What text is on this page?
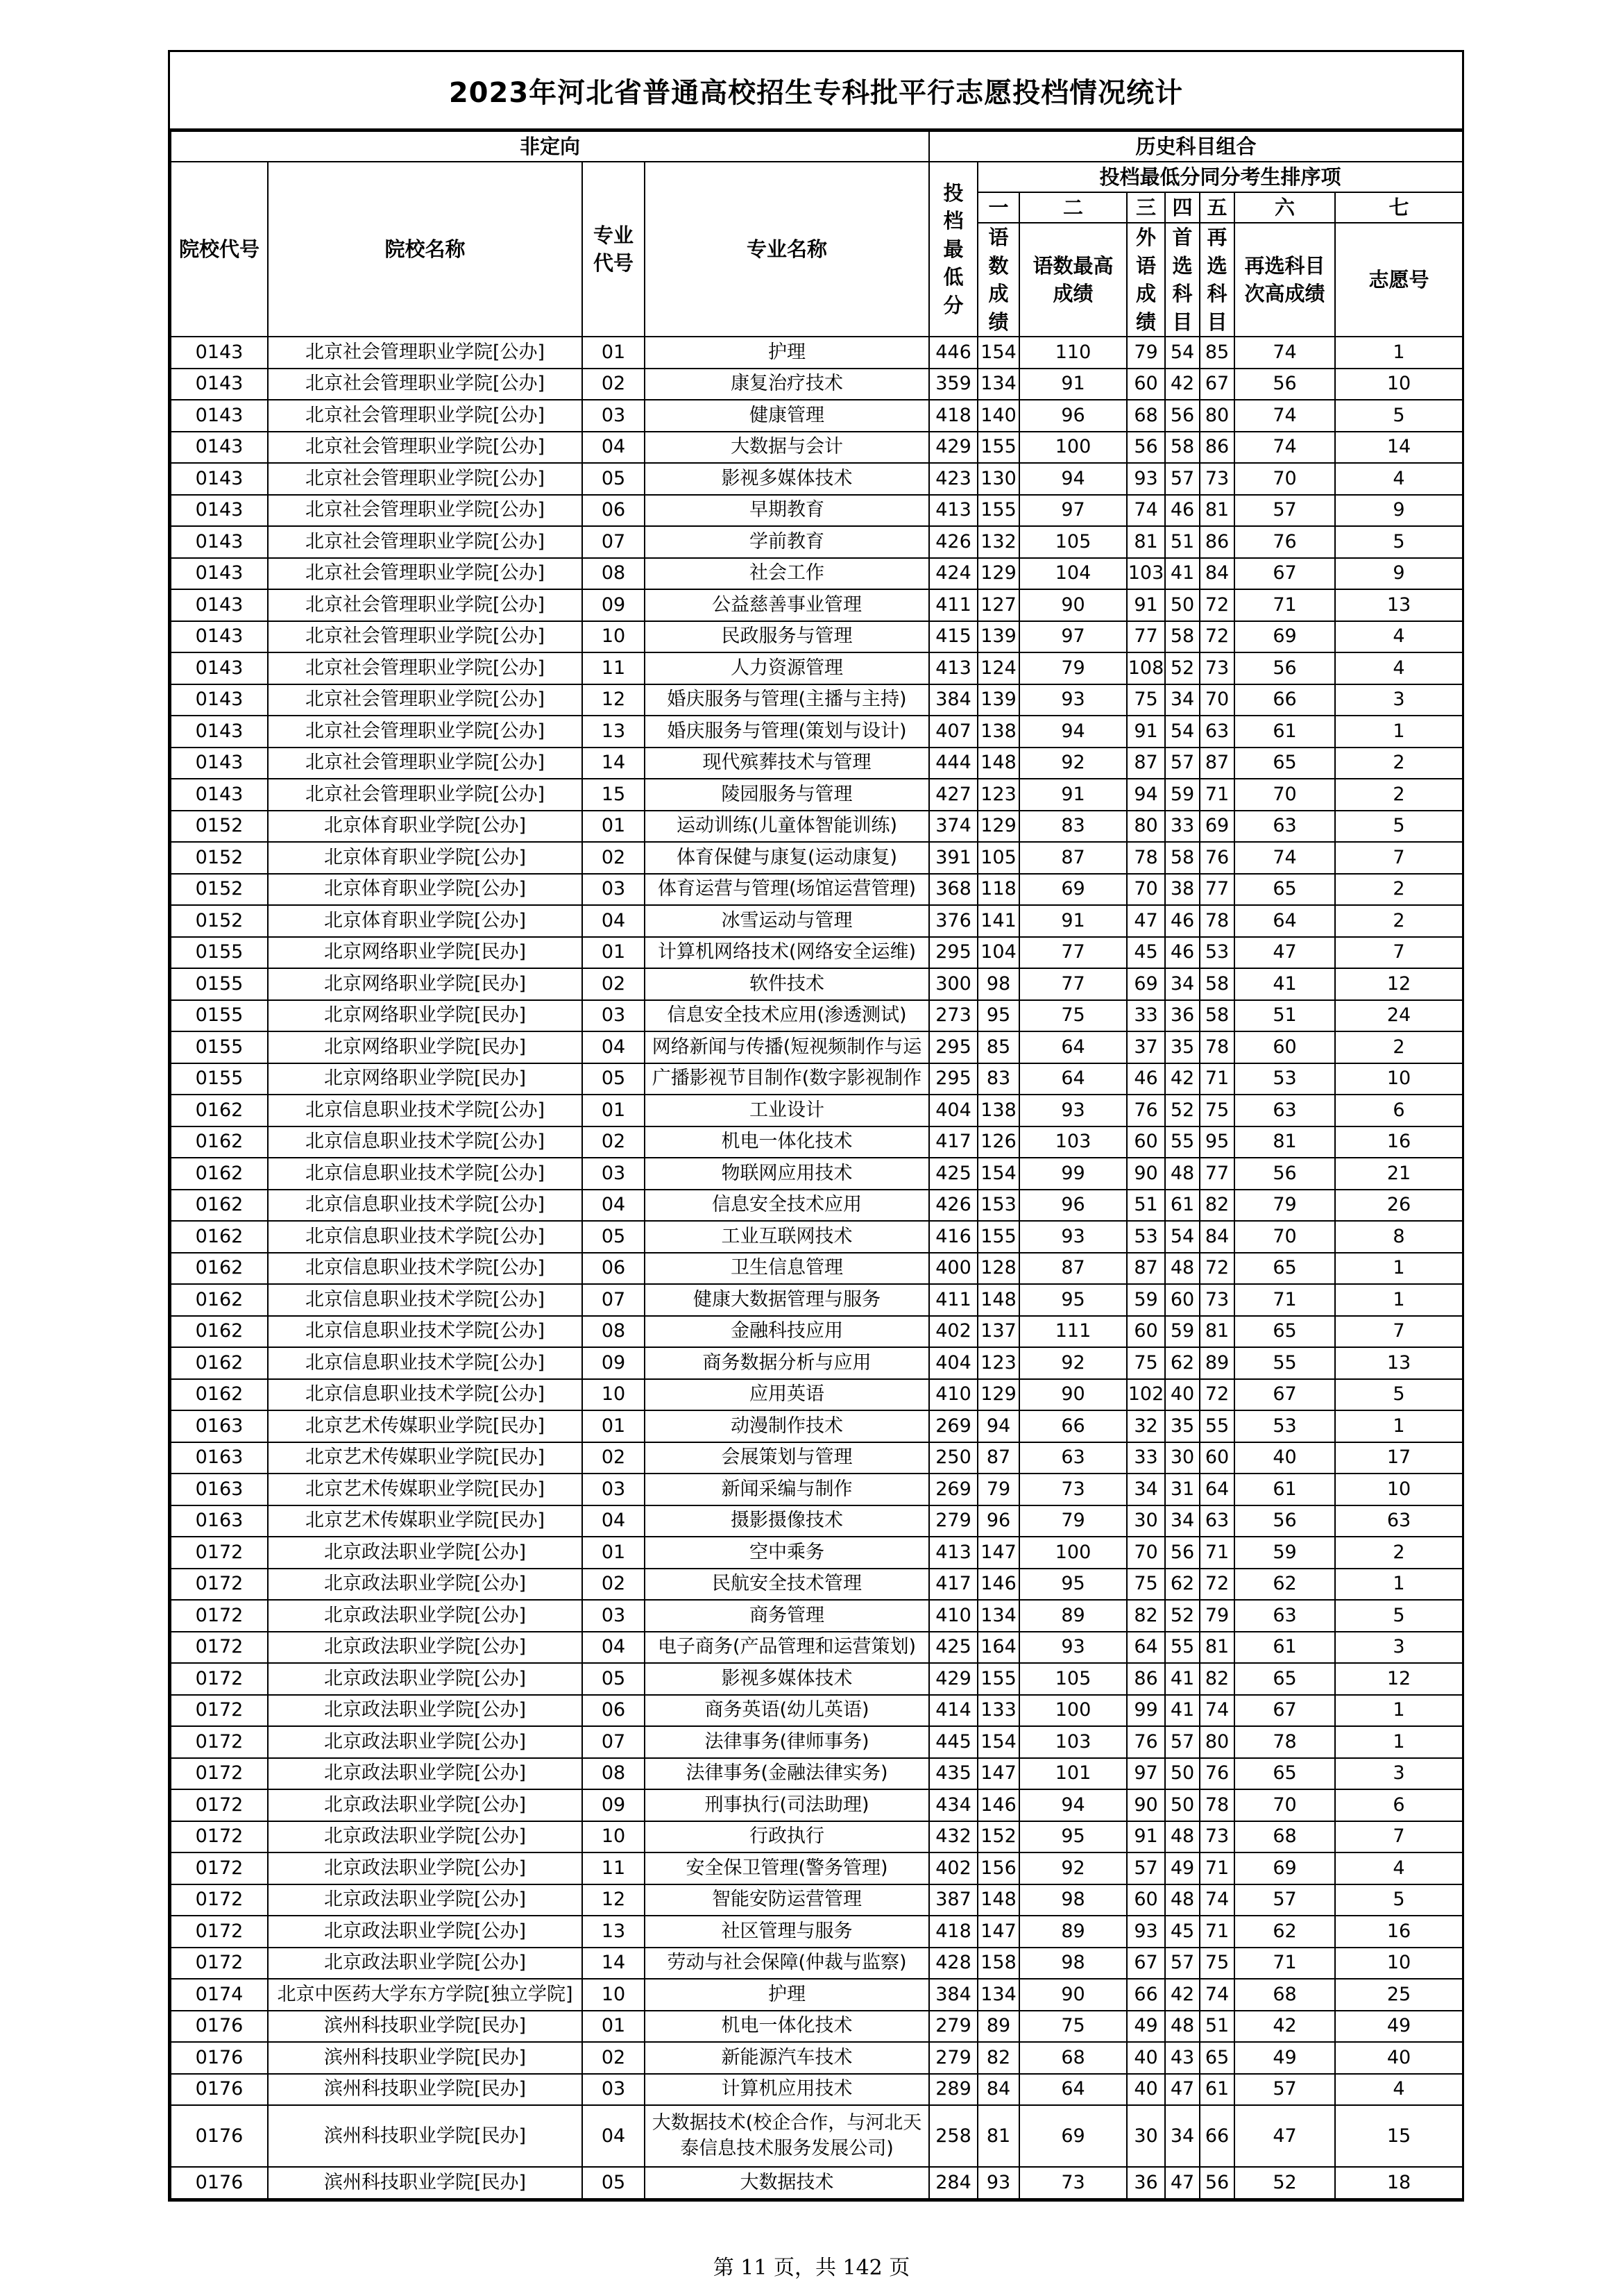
2023年河北省普通高校招生专科批平行志愿投档情况统计
非定向				历史科目组合							
院校代号	院校名称	专业代号	专业名称	投档最低分	投档最低分同分考生排序项						
					一	二	三	四	五	六	七
					语数成绩	语数最高成绩	外语成绩	首选科目	再选科目	再选科目次高成绩	志愿号
0143	北京社会管理职业学院[公办]	01	护理	446	154	110	79	54	85	74	1
0143	北京社会管理职业学院[公办]	02	康复治疗技术	359	134	91	60	42	67	56	10
0143	北京社会管理职业学院[公办]	03	健康管理	418	140	96	68	56	80	74	5
0143	北京社会管理职业学院[公办]	04	大数据与会计	429	155	100	56	58	86	74	14
0143	北京社会管理职业学院[公办]	05	影视多媒体技术	423	130	94	93	57	73	70	4
0143	北京社会管理职业学院[公办]	06	早期教育	413	155	97	74	46	81	57	9
0143	北京社会管理职业学院[公办]	07	学前教育	426	132	105	81	51	86	76	5
0143	北京社会管理职业学院[公办]	08	社会工作	424	129	104	103	41	84	67	9
0143	北京社会管理职业学院[公办]	09	公益慈善事业管理	411	127	90	91	50	72	71	13
0143	北京社会管理职业学院[公办]	10	民政服务与管理	415	139	97	77	58	72	69	4
0143	北京社会管理职业学院[公办]	11	人力资源管理	413	124	79	108	52	73	56	4
0143	北京社会管理职业学院[公办]	12	婚庆服务与管理(主播与主持)	384	139	93	75	34	70	66	3
0143	北京社会管理职业学院[公办]	13	婚庆服务与管理(策划与设计)	407	138	94	91	54	63	61	1
0143	北京社会管理职业学院[公办]	14	现代殡葬技术与管理	444	148	92	87	57	87	65	2
0143	北京社会管理职业学院[公办]	15	陵园服务与管理	427	123	91	94	59	71	70	2
0152	北京体育职业学院[公办]	01	运动训练(儿童体智能训练)	374	129	83	80	33	69	63	5
0152	北京体育职业学院[公办]	02	体育保健与康复(运动康复)	391	105	87	78	58	76	74	7
0152	北京体育职业学院[公办]	03	体育运营与管理(场馆运营管理)	368	118	69	70	38	77	65	2
0152	北京体育职业学院[公办]	04	冰雪运动与管理	376	141	91	47	46	78	64	2
0155	北京网络职业学院[民办]	01	计算机网络技术(网络安全运维)	295	104	77	45	46	53	47	7
0155	北京网络职业学院[民办]	02	软件技术	300	98	77	69	34	58	41	12
0155	北京网络职业学院[民办]	03	信息安全技术应用(渗透测试)	273	95	75	33	36	58	51	24
0155	北京网络职业学院[民办]	04	网络新闻与传播(短视频制作与运	295	85	64	37	35	78	60	2
0155	北京网络职业学院[民办]	05	广播影视节目制作(数字影视制作	295	83	64	46	42	71	53	10
0162	北京信息职业技术学院[公办]	01	工业设计	404	138	93	76	52	75	63	6
0162	北京信息职业技术学院[公办]	02	机电一体化技术	417	126	103	60	55	95	81	16
0162	北京信息职业技术学院[公办]	03	物联网应用技术	425	154	99	90	48	77	56	21
0162	北京信息职业技术学院[公办]	04	信息安全技术应用	426	153	96	51	61	82	79	26
0162	北京信息职业技术学院[公办]	05	工业互联网技术	416	155	93	53	54	84	70	8
0162	北京信息职业技术学院[公办]	06	卫生信息管理	400	128	87	87	48	72	65	1
0162	北京信息职业技术学院[公办]	07	健康大数据管理与服务	411	148	95	59	60	73	71	1
0162	北京信息职业技术学院[公办]	08	金融科技应用	402	137	111	60	59	81	65	7
0162	北京信息职业技术学院[公办]	09	商务数据分析与应用	404	123	92	75	62	89	55	13
0162	北京信息职业技术学院[公办]	10	应用英语	410	129	90	102	40	72	67	5
0163	北京艺术传媒职业学院[民办]	01	动漫制作技术	269	94	66	32	35	55	53	1
0163	北京艺术传媒职业学院[民办]	02	会展策划与管理	250	87	63	33	30	60	40	17
0163	北京艺术传媒职业学院[民办]	03	新闻采编与制作	269	79	73	34	31	64	61	10
0163	北京艺术传媒职业学院[民办]	04	摄影摄像技术	279	96	79	30	34	63	56	63
0172	北京政法职业学院[公办]	01	空中乘务	413	147	100	70	56	71	59	2
0172	北京政法职业学院[公办]	02	民航安全技术管理	417	146	95	75	62	72	62	1
0172	北京政法职业学院[公办]	03	商务管理	410	134	89	82	52	79	63	5
0172	北京政法职业学院[公办]	04	电子商务(产品管理和运营策划)	425	164	93	64	55	81	61	3
0172	北京政法职业学院[公办]	05	影视多媒体技术	429	155	105	86	41	82	65	12
0172	北京政法职业学院[公办]	06	商务英语(幼儿英语)	414	133	100	99	41	74	67	1
0172	北京政法职业学院[公办]	07	法律事务(律师事务)	445	154	103	76	57	80	78	1
0172	北京政法职业学院[公办]	08	法律事务(金融法律实务)	435	147	101	97	50	76	65	3
0172	北京政法职业学院[公办]	09	刑事执行(司法助理)	434	146	94	90	50	78	70	6
0172	北京政法职业学院[公办]	10	行政执行	432	152	95	91	48	73	68	7
0172	北京政法职业学院[公办]	11	安全保卫管理(警务管理)	402	156	92	57	49	71	69	4
0172	北京政法职业学院[公办]	12	智能安防运营管理	387	148	98	60	48	74	57	5
0172	北京政法职业学院[公办]	13	社区管理与服务	418	147	89	93	45	71	62	16
0172	北京政法职业学院[公办]	14	劳动与社会保障(仲裁与监察)	428	158	98	67	57	75	71	10
0174	北京中医药大学东方学院[独立学院]	10	护理	384	134	90	66	42	74	68	25
0176	滨州科技职业学院[民办]	01	机电一体化技术	279	89	75	49	48	51	42	49
0176	滨州科技职业学院[民办]	02	新能源汽车技术	279	82	68	40	43	65	49	40
0176	滨州科技职业学院[民办]	03	计算机应用技术	289	84	64	40	47	61	57	4
0176	滨州科技职业学院[民办]	04	大数据技术(校企合作，与河北天泰信息技术服务发展公司)	258	81	69	30	34	66	47	15
0176	滨州科技职业学院[民办]	05	大数据技术	284	93	73	36	47	56	52	18
第 11 页，共 142 页
